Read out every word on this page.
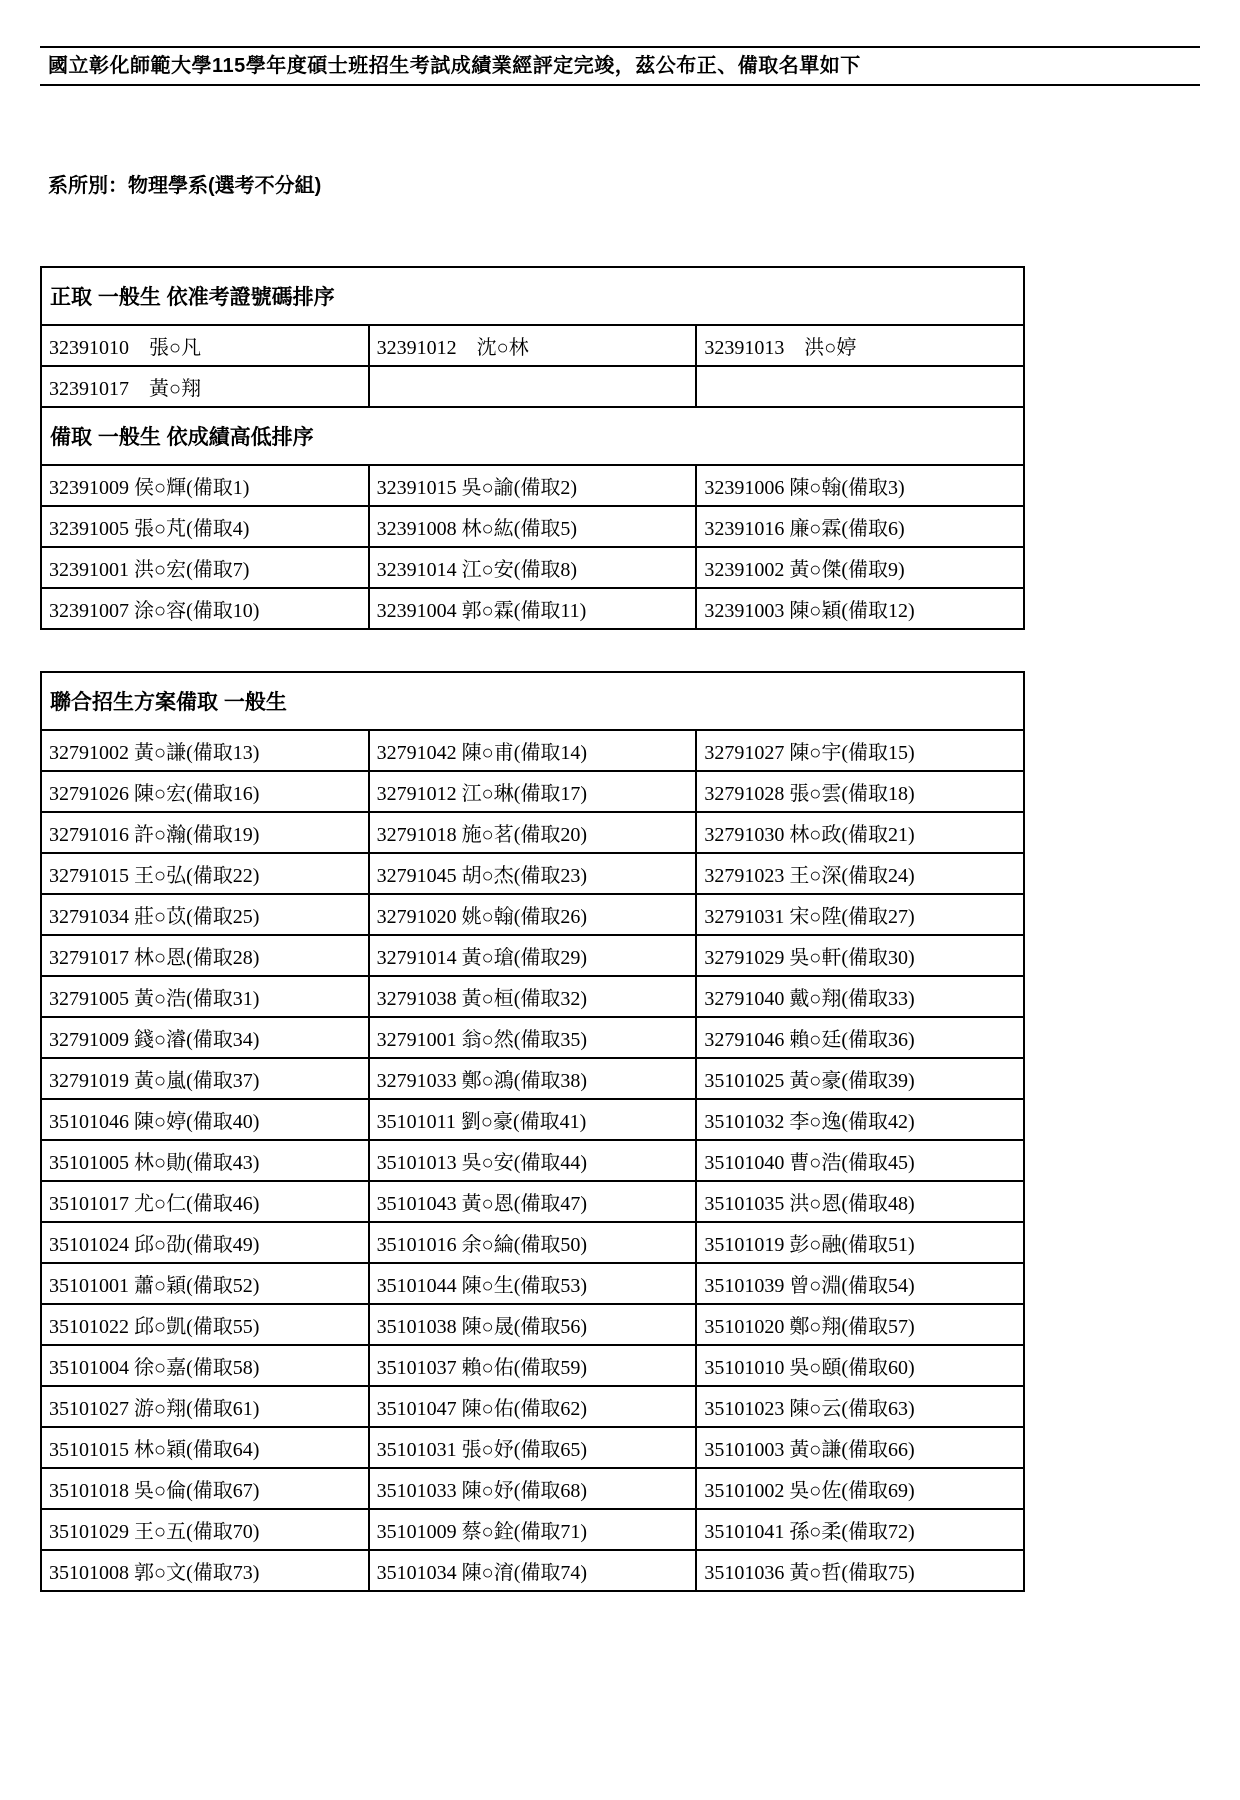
國立彰化師範大學115學年度碩士班招生考試成績業經評定完竣，茲公布正、備取名單如下
系所別：物理學系(選考不分組)
正取 一般生 依准考證號碼排序		
32391010　張○凡	32391012　沈○林	32391013　洪○婷
32391017　黃○翔		
備取 一般生 依成績高低排序		
32391009 侯○輝(備取1)	32391015 吳○諭(備取2)	32391006 陳○翰(備取3)
32391005 張○芃(備取4)	32391008 林○紘(備取5)	32391016 廉○霖(備取6)
32391001 洪○宏(備取7)	32391014 江○安(備取8)	32391002 黃○傑(備取9)
32391007 涂○容(備取10)	32391004 郭○霖(備取11)	32391003 陳○穎(備取12)
聯合招生方案備取 一般生		
32791002 黃○謙(備取13)	32791042 陳○甫(備取14)	32791027 陳○宇(備取15)
32791026 陳○宏(備取16)	32791012 江○琳(備取17)	32791028 張○雲(備取18)
32791016 許○瀚(備取19)	32791018 施○茗(備取20)	32791030 林○政(備取21)
32791015 王○弘(備取22)	32791045 胡○杰(備取23)	32791023 王○深(備取24)
32791034 莊○苡(備取25)	32791020 姚○翰(備取26)	32791031 宋○陞(備取27)
32791017 林○恩(備取28)	32791014 黃○瑲(備取29)	32791029 吳○軒(備取30)
32791005 黃○浩(備取31)	32791038 黃○桓(備取32)	32791040 戴○翔(備取33)
32791009 錢○濬(備取34)	32791001 翁○然(備取35)	32791046 賴○廷(備取36)
32791019 黃○嵐(備取37)	32791033 鄭○鴻(備取38)	35101025 黃○豪(備取39)
35101046 陳○婷(備取40)	35101011 劉○豪(備取41)	35101032 李○逸(備取42)
35101005 林○勛(備取43)	35101013 吳○安(備取44)	35101040 曹○浩(備取45)
35101017 尤○仁(備取46)	35101043 黃○恩(備取47)	35101035 洪○恩(備取48)
35101024 邱○劭(備取49)	35101016 余○綸(備取50)	35101019 彭○融(備取51)
35101001 蕭○穎(備取52)	35101044 陳○生(備取53)	35101039 曾○淵(備取54)
35101022 邱○凱(備取55)	35101038 陳○晟(備取56)	35101020 鄭○翔(備取57)
35101004 徐○嘉(備取58)	35101037 賴○佑(備取59)	35101010 吳○頤(備取60)
35101027 游○翔(備取61)	35101047 陳○佑(備取62)	35101023 陳○云(備取63)
35101015 林○穎(備取64)	35101031 張○妤(備取65)	35101003 黃○謙(備取66)
35101018 吳○倫(備取67)	35101033 陳○妤(備取68)	35101002 吳○佐(備取69)
35101029 王○五(備取70)	35101009 蔡○銓(備取71)	35101041 孫○柔(備取72)
35101008 郭○文(備取73)	35101034 陳○淯(備取74)	35101036 黃○哲(備取75)
